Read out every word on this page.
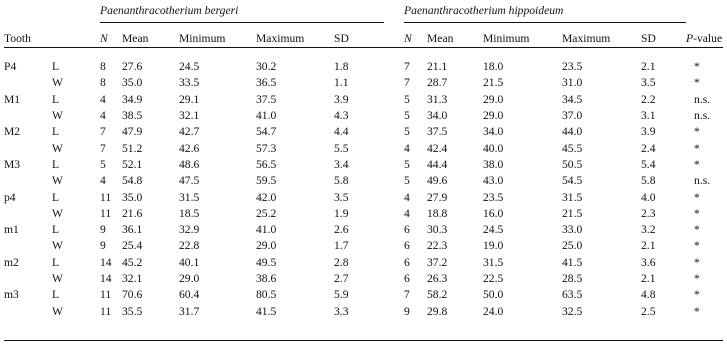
		Paenanthracotherium bergeri						Paenanthracotherium hippoideum					

Tooth		N	Mean	Minimum	Maximum	SD		N	Mean	Minimum	Maximum	SD	P-value

P4	L	8	27.6	24.5	30.2	1.8		7	21.1	18.0	23.5	2.1	*
	W	8	35.0	33.5	36.5	1.1		7	28.7	21.5	31.0	3.5	*
M1	L	4	34.9	29.1	37.5	3.9		5	31.3	29.0	34.5	2.2	n.s.
	W	4	38.5	32.1	41.0	4.3		5	34.0	29.0	37.0	3.1	n.s.
M2	L	7	47.9	42.7	54.7	4.4		5	37.5	34.0	44.0	3.9	*
	W	7	51.2	42.6	57.3	5.5		4	42.4	40.0	45.5	2.4	*
M3	L	5	52.1	48.6	56.5	3.4		5	44.4	38.0	50.5	5.4	*
	W	4	54.8	47.5	59.5	5.8		5	49.6	43.0	54.5	5.8	n.s.
p4	L	11	35.0	31.5	42.0	3.5		4	27.9	23.5	31.5	4.0	*
	W	11	21.6	18.5	25.2	1.9		4	18.8	16.0	21.5	2.3	*
m1	L	9	36.1	32.9	41.0	2.6		6	30.3	24.5	33.0	3.2	*
	W	9	25.4	22.8	29.0	1.7		6	22.3	19.0	25.0	2.1	*
m2	L	14	45.2	40.1	49.5	2.8		6	37.2	31.5	41.5	3.6	*
	W	14	32.1	29.0	38.6	2.7		6	26.3	22.5	28.5	2.1	*
m3	L	11	70.6	60.4	80.5	5.9		7	58.2	50.0	63.5	4.8	*
	W	11	35.5	31.7	41.5	3.3		9	29.8	24.0	32.5	2.5	*
